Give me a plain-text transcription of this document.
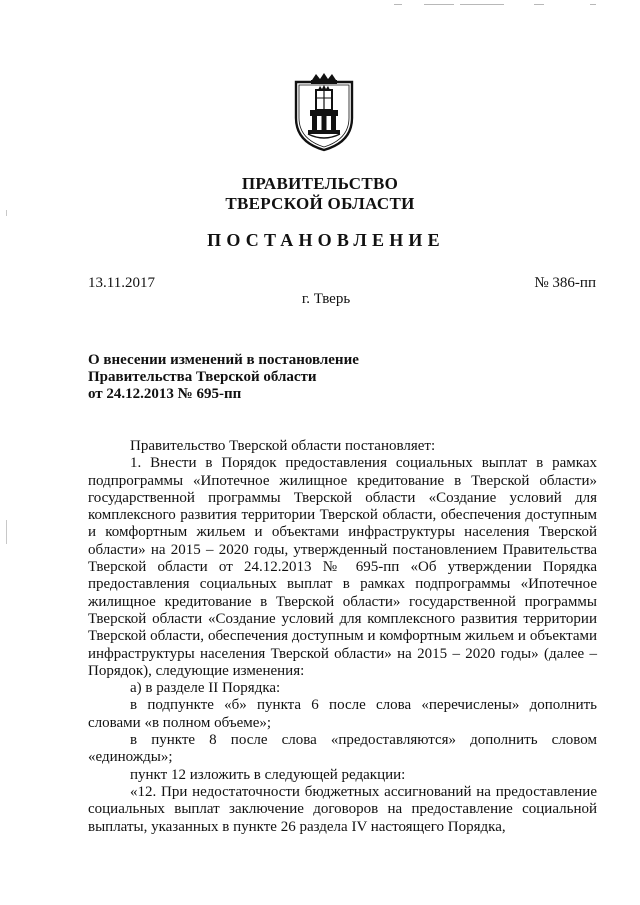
ПРАВИТЕЛЬСТВО
ТВЕРСКОЙ ОБЛАСТИ
ПОСТАНОВЛЕНИЕ
13.11.2017	№ 386-пп
г. Тверь
О внесении изменений в постановление
Правительства Тверской области
от 24.12.2013 № 695-пп

Правительство Тверской области постановляет:

1. Внести в Порядок предоставления социальных выплат в рамках подпрограммы «Ипотечное жилищное кредитование в Тверской области» государственной программы Тверской области «Создание условий для комплексного развития территории Тверской области, обеспечения доступным и комфортным жильем и объектами инфраструктуры населения Тверской области» на 2015 – 2020 годы, утвержденный постановлением Правительства Тверской области от 24.12.2013 № 695-пп «Об утверждении Порядка предоставления социальных выплат в рамках подпрограммы «Ипотечное жилищное кредитование в Тверской области» государственной программы Тверской области «Создание условий для комплексного развития территории Тверской области, обеспечения доступным и комфортным жильем и объектами инфраструктуры населения Тверской области» на 2015 – 2020 годы» (далее – Порядок), следующие изменения:

а) в разделе II Порядка:

в подпункте «б» пункта 6 после слова «перечислены» дополнить словами «в полном объеме»;

в пункте 8 после слова «предоставляются» дополнить словом «единожды»;

пункт 12 изложить в следующей редакции:

«12. При недостаточности бюджетных ассигнований на предоставление социальных выплат заключение договоров на предоставление социальной выплаты, указанных в пункте 26 раздела IV настоящего Порядка,
